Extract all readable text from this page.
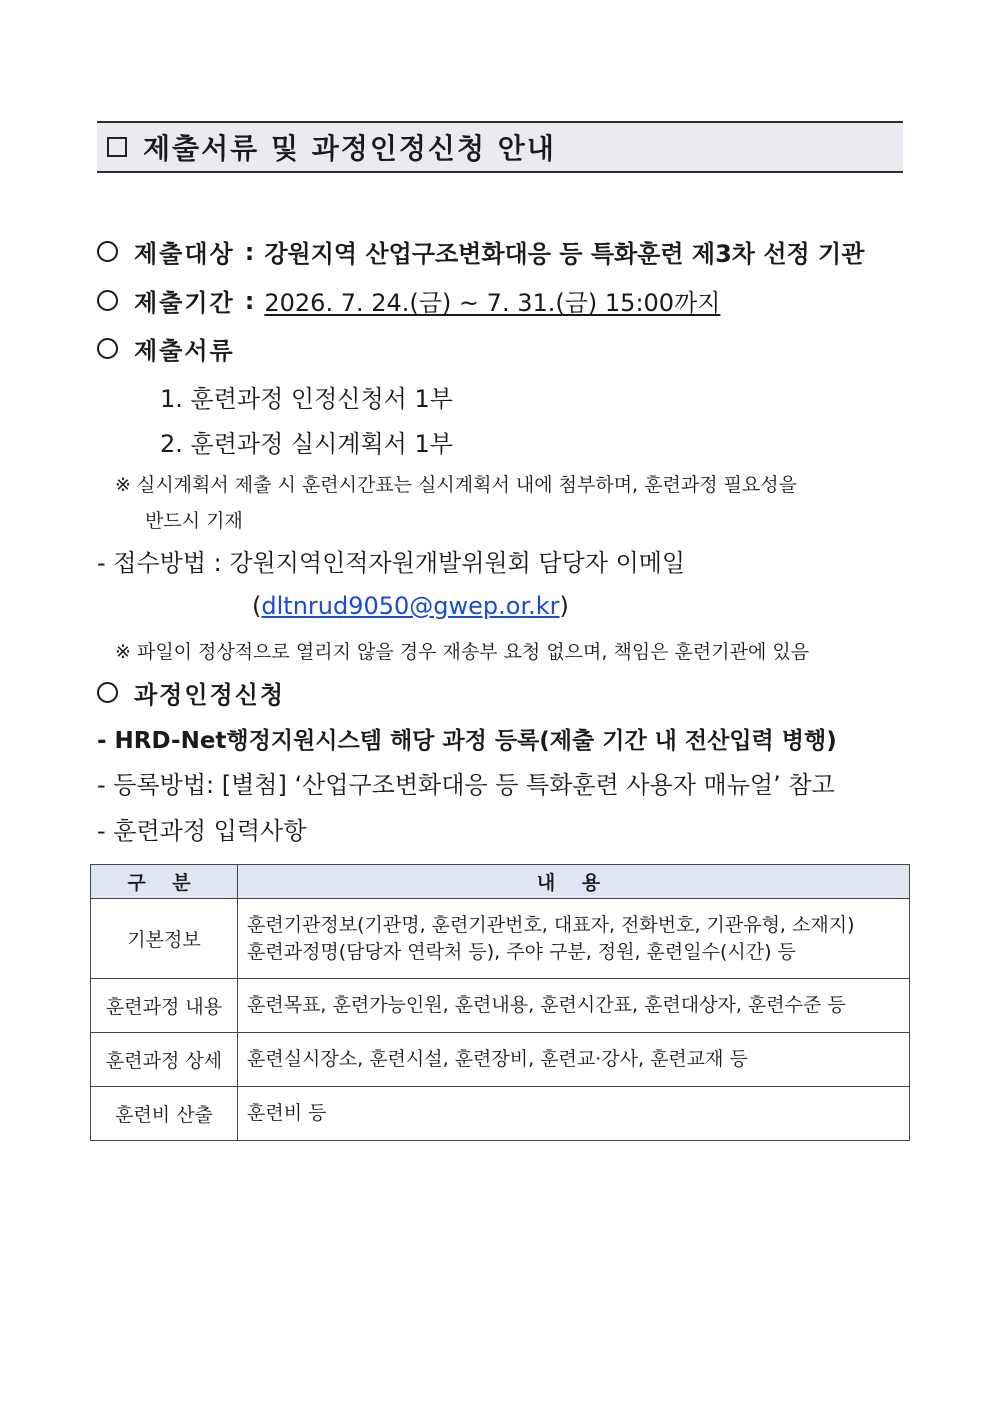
제출서류 및 과정인정신청 안내
제출대상 : 강원지역 산업구조변화대응 등 특화훈련 제3차 선정 기관
제출기간 : 2026. 7. 24.(금) ~ 7. 31.(금) 15:00까지
제출서류
1. 훈련과정 인정신청서 1부
2. 훈련과정 실시계획서 1부
※ 실시계획서 제출 시 훈련시간표는 실시계획서 내에 첨부하며, 훈련과정 필요성을
반드시 기재
- 접수방법 : 강원지역인적자원개발위원회 담당자 이메일
(dltnrud9050@gwep.or.kr)
※ 파일이 정상적으로 열리지 않을 경우 재송부 요청 없으며, 책임은 훈련기관에 있음
과정인정신청
- HRD-Net행정지원시스템 해당 과정 등록(제출 기간 내 전산입력 병행)
- 등록방법: [별첨] ‘산업구조변화대응 등 특화훈련 사용자 매뉴얼’ 참고
- 훈련과정 입력사항
구 분	내 용
기본정보	훈련기관정보(기관명, 훈련기관번호, 대표자, 전화번호, 기관유형, 소재지)
훈련과정명(담당자 연락처 등), 주야 구분, 정원, 훈련일수(시간) 등

훈련과정 내용	훈련목표, 훈련가능인원, 훈련내용, 훈련시간표, 훈련대상자, 훈련수준 등
훈련과정 상세	훈련실시장소, 훈련시설, 훈련장비, 훈련교·강사, 훈련교재 등
훈련비 산출	훈련비 등
